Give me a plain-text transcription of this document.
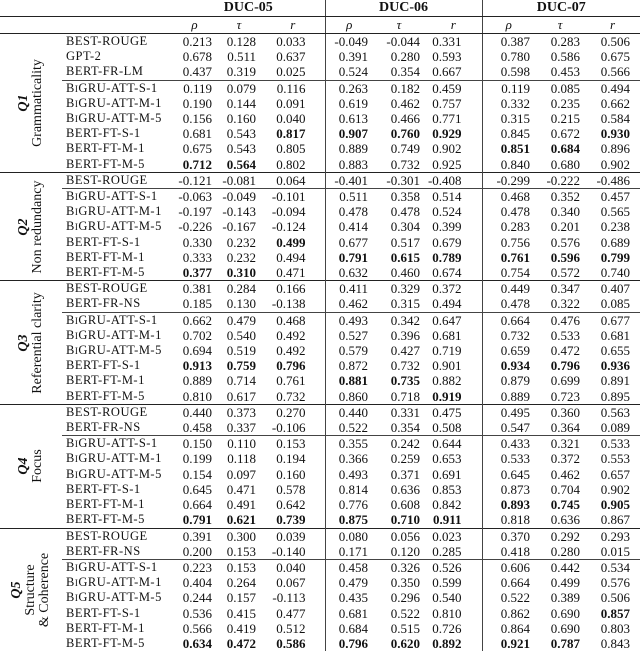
		DUC-05			DUC-06			DUC-07		
		ρ	τ	r	ρ	τ	r	ρ	τ	r

Q1 Grammaticality	BEST-ROUGE	0.213	0.128	0.033	-0.049	-0.044	0.331	0.387	0.283	0.506
	GPT-2	0.678	0.511	0.637	0.391	0.280	0.593	0.780	0.586	0.675
	BERT-FR-LM	0.437	0.319	0.025	0.524	0.354	0.667	0.598	0.453	0.566
	BiGRU-ATT-S-1	0.119	0.079	0.116	0.263	0.182	0.459	0.119	0.085	0.494
	BiGRU-ATT-M-1	0.190	0.144	0.091	0.619	0.462	0.757	0.332	0.235	0.662
	BiGRU-ATT-M-5	0.156	0.160	0.040	0.613	0.466	0.771	0.315	0.215	0.584
	BERT-FT-S-1	0.681	0.543	0.817	0.907	0.760	0.929	0.845	0.672	0.930
	BERT-FT-M-1	0.675	0.543	0.805	0.889	0.749	0.902	0.851	0.684	0.896
	BERT-FT-M-5	0.712	0.564	0.802	0.883	0.732	0.925	0.840	0.680	0.902

Q2 Non redundancy	BEST-ROUGE	-0.121	-0.081	0.064	-0.401	-0.301	-0.408	-0.299	-0.222	-0.486
	BiGRU-ATT-S-1	-0.063	-0.049	-0.101	0.511	0.358	0.514	0.468	0.352	0.457
	BiGRU-ATT-M-1	-0.197	-0.143	-0.094	0.478	0.478	0.524	0.478	0.340	0.565
	BiGRU-ATT-M-5	-0.226	-0.167	-0.124	0.414	0.304	0.399	0.283	0.201	0.238
	BERT-FT-S-1	0.330	0.232	0.499	0.677	0.517	0.679	0.756	0.576	0.689
	BERT-FT-M-1	0.333	0.232	0.494	0.791	0.615	0.789	0.761	0.596	0.799
	BERT-FT-M-5	0.377	0.310	0.471	0.632	0.460	0.674	0.754	0.572	0.740

Q3 Referential clarity	BEST-ROUGE	0.381	0.284	0.166	0.411	0.329	0.372	0.449	0.347	0.407
	BERT-FR-NS	0.185	0.130	-0.138	0.462	0.315	0.494	0.478	0.322	0.085
	BiGRU-ATT-S-1	0.662	0.479	0.468	0.493	0.342	0.647	0.664	0.476	0.677
	BiGRU-ATT-M-1	0.702	0.540	0.492	0.527	0.396	0.681	0.732	0.533	0.681
	BiGRU-ATT-M-5	0.694	0.519	0.492	0.579	0.427	0.719	0.659	0.472	0.655
	BERT-FT-S-1	0.913	0.759	0.796	0.872	0.732	0.901	0.934	0.796	0.936
	BERT-FT-M-1	0.889	0.714	0.761	0.881	0.735	0.882	0.879	0.699	0.891
	BERT-FT-M-5	0.810	0.617	0.732	0.860	0.718	0.919	0.889	0.723	0.895

Q4 Focus	BEST-ROUGE	0.440	0.373	0.270	0.440	0.331	0.475	0.495	0.360	0.563
	BERT-FR-NS	0.458	0.337	-0.106	0.522	0.354	0.508	0.547	0.364	0.089
	BiGRU-ATT-S-1	0.150	0.110	0.153	0.355	0.242	0.644	0.433	0.321	0.533
	BiGRU-ATT-M-1	0.199	0.118	0.194	0.366	0.259	0.653	0.533	0.372	0.553
	BiGRU-ATT-M-5	0.154	0.097	0.160	0.493	0.371	0.691	0.645	0.462	0.657
	BERT-FT-S-1	0.645	0.471	0.578	0.814	0.636	0.853	0.873	0.704	0.902
	BERT-FT-M-1	0.664	0.491	0.642	0.776	0.608	0.842	0.893	0.745	0.905
	BERT-FT-M-5	0.791	0.621	0.739	0.875	0.710	0.911	0.818	0.636	0.867

Q5 Structure & Coherence	BEST-ROUGE	0.391	0.300	0.039	0.080	0.056	0.023	0.370	0.292	0.293
	BERT-FR-NS	0.200	0.153	-0.140	0.171	0.120	0.285	0.418	0.280	0.015
	BiGRU-ATT-S-1	0.223	0.153	0.040	0.458	0.326	0.526	0.606	0.442	0.534
	BiGRU-ATT-M-1	0.404	0.264	0.067	0.479	0.350	0.599	0.664	0.499	0.576
	BiGRU-ATT-M-5	0.244	0.157	-0.113	0.435	0.296	0.540	0.522	0.389	0.506
	BERT-FT-S-1	0.536	0.415	0.477	0.681	0.522	0.810	0.862	0.690	0.857
	BERT-FT-M-1	0.566	0.419	0.512	0.684	0.515	0.726	0.864	0.690	0.803
	BERT-FT-M-5	0.634	0.472	0.586	0.796	0.620	0.892	0.921	0.787	0.843
